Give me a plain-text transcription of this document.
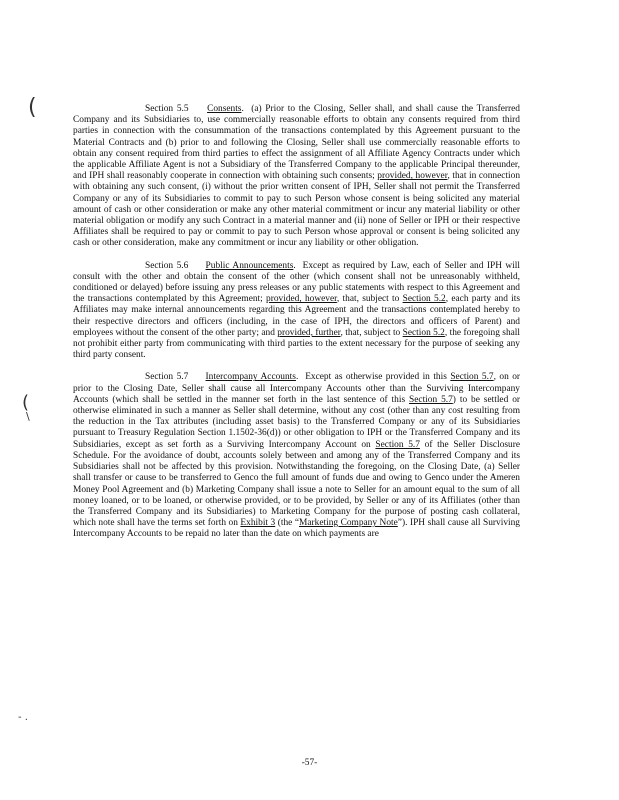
(
(
\
- .

Section 5.5 Consents.  (a) Prior to the Closing, Seller shall, and shall cause the Transferred Company and its Subsidiaries to, use commercially reasonable efforts to obtain any consents required from third parties in connection with the consummation of the transactions contemplated by this Agreement pursuant to the Material Contracts and (b) prior to and following the Closing, Seller shall use commercially reasonable efforts to obtain any consent required from third parties to effect the assignment of all Affiliate Agency Contracts under which the applicable Affiliate Agent is not a Subsidiary of the Transferred Company to the applicable Principal thereunder, and IPH shall reasonably cooperate in connection with obtaining such consents; provided, however, that in connection with obtaining any such consent, (i) without the prior written consent of IPH, Seller shall not permit the Transferred Company or any of its Subsidiaries to commit to pay to such Person whose consent is being solicited any material amount of cash or other consideration or make any other material commitment or incur any material liability or other material obligation or modify any such Contract in a material manner and (ii) none of Seller or IPH or their respective Affiliates shall be required to pay or commit to pay to such Person whose approval or consent is being solicited any cash or other consideration, make any commitment or incur any liability or other obligation.

Section 5.6 Public Announcements.  Except as required by Law, each of Seller and IPH will consult with the other and obtain the consent of the other (which consent shall not be unreasonably withheld, conditioned or delayed) before issuing any press releases or any public statements with respect to this Agreement and the transactions contemplated by this Agreement; provided, however, that, subject to Section 5.2, each party and its Affiliates may make internal announcements regarding this Agreement and the transactions contemplated hereby to their respective directors and officers (including, in the case of IPH, the directors and officers of Parent) and employees without the consent of the other party; and provided, further, that, subject to Section 5.2, the foregoing shall not prohibit either party from communicating with third parties to the extent necessary for the purpose of seeking any third party consent.

Section 5.7 Intercompany Accounts.  Except as otherwise provided in this Section 5.7, on or prior to the Closing Date, Seller shall cause all Intercompany Accounts other than the Surviving Intercompany Accounts (which shall be settled in the manner set forth in the last sentence of this Section 5.7) to be settled or otherwise eliminated in such a manner as Seller shall determine, without any cost (other than any cost resulting from the reduction in the Tax attributes (including asset basis) to the Transferred Company or any of its Subsidiaries pursuant to Treasury Regulation Section 1.1502-36(d)) or other obligation to IPH or the Transferred Company and its Subsidiaries, except as set forth as a Surviving Intercompany Account on Section 5.7 of the Seller Disclosure Schedule. For the avoidance of doubt, accounts solely between and among any of the Transferred Company and its Subsidiaries shall not be affected by this provision. Notwithstanding the foregoing, on the Closing Date, (a) Seller shall transfer or cause to be transferred to Genco the full amount of funds due and owing to Genco under the Ameren Money Pool Agreement and (b) Marketing Company shall issue a note to Seller for an amount equal to the sum of all money loaned, or to be loaned, or otherwise provided, or to be provided, by Seller or any of its Affiliates (other than the Transferred Company and its Subsidiaries) to Marketing Company for the purpose of posting cash collateral, which note shall have the terms set forth on Exhibit 3 (the “Marketing Company Note”). IPH shall cause all Surviving Intercompany Accounts to be repaid no later than the date on which payments are

-57-
